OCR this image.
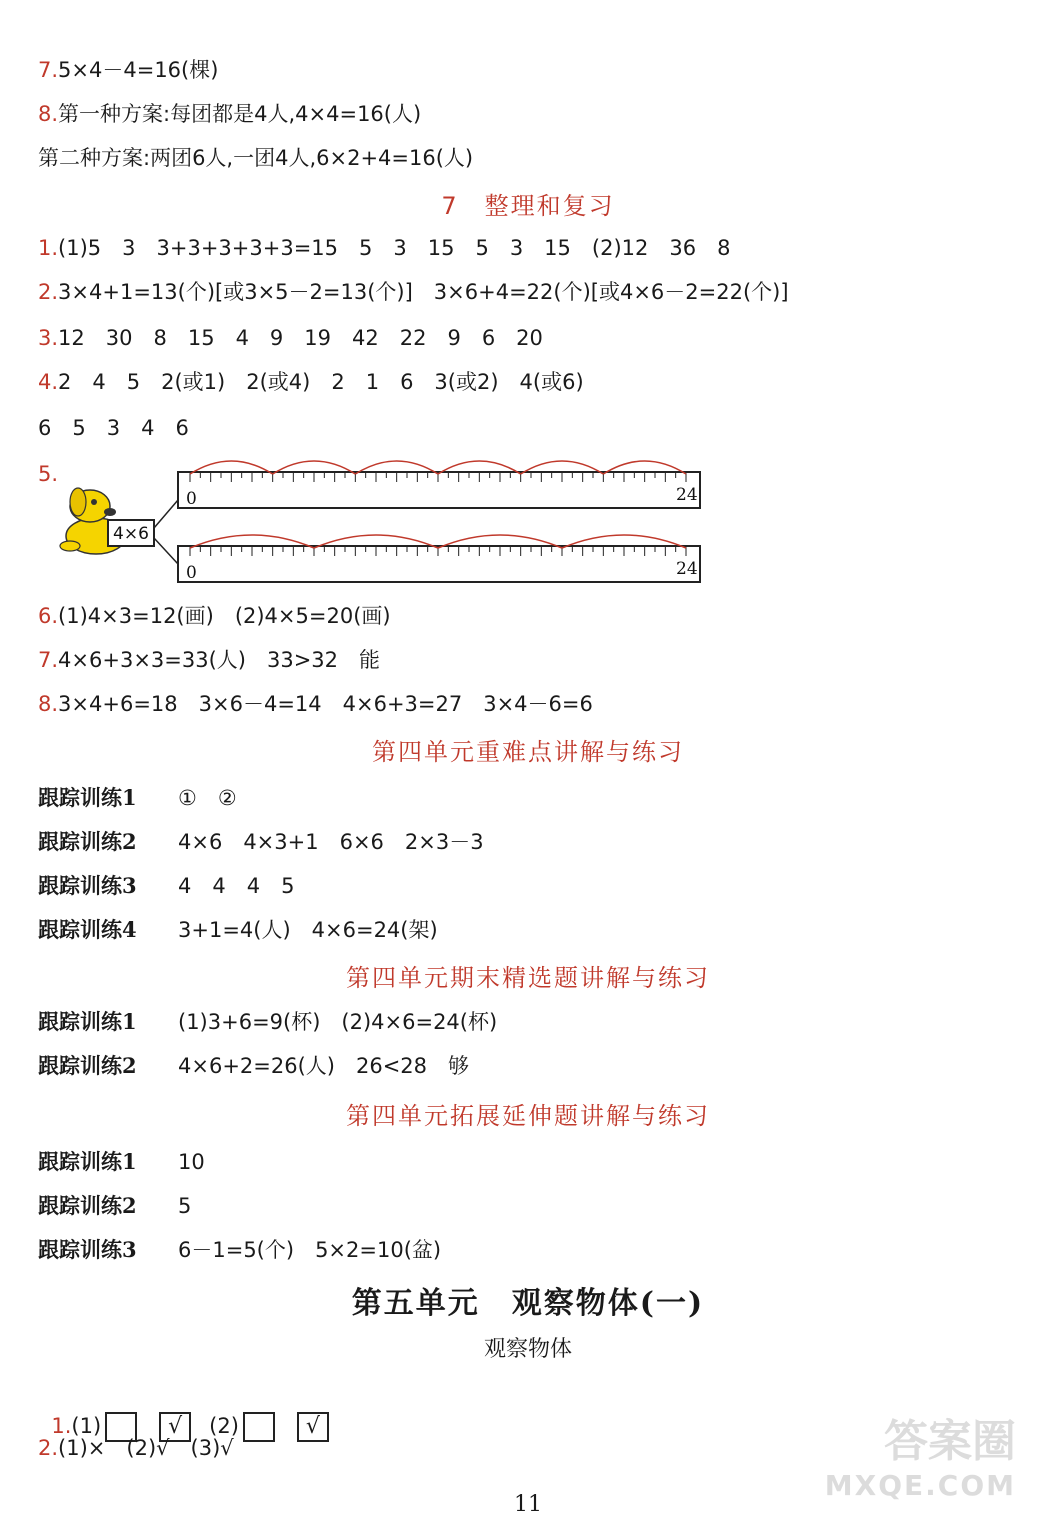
7.5×4－4=16(棵)
8.第一种方案:每团都是4人,4×4=16(人)
第二种方案:两团6人,一团4人,6×2+4=16(人)
7　整理和复习
1.(1)5　3　3+3+3+3+3=15　5　3　15　5　3　15　(2)12　36　8
2.3×4+1=13(个)[或3×5－2=13(个)]　3×6+4=22(个)[或4×6－2=22(个)]
3.12　30　8　15　4　9　19　42　22　9　6　20
4.2　4　5　2(或1)　2(或4)　2　1　6　3(或2)　4(或6)
6　5　3　4　6
5.
4×6
0	24
0	24
6.(1)4×3=12(画)　(2)4×5=20(画)
7.4×6+3×3=33(人)　33>32　能
8.3×4+6=18　3×6－4=14　4×6+3=27　3×4－6=6
第四单元重难点讲解与练习
跟踪训练1 ①　②
跟踪训练2 4×6　4×3+1　6×6　2×3－3
跟踪训练3 4　4　4　5
跟踪训练4 3+1=4(人)　4×6=24(架)
第四单元期末精选题讲解与练习
跟踪训练1 (1)3+6=9(杯)　(2)4×6=24(杯)
跟踪训练2 4×6+2=26(人)　26<28　够
第四单元拓展延伸题讲解与练习
跟踪训练1 10
跟踪训练2 5
跟踪训练3 6－1=5(个)　5×2=10(盆)
第五单元　观察物体(一)
观察物体

1.(1)	√ (2)	√

2.(1)×　(2)√　(3)√
11
答案圈
MXQE.COM
